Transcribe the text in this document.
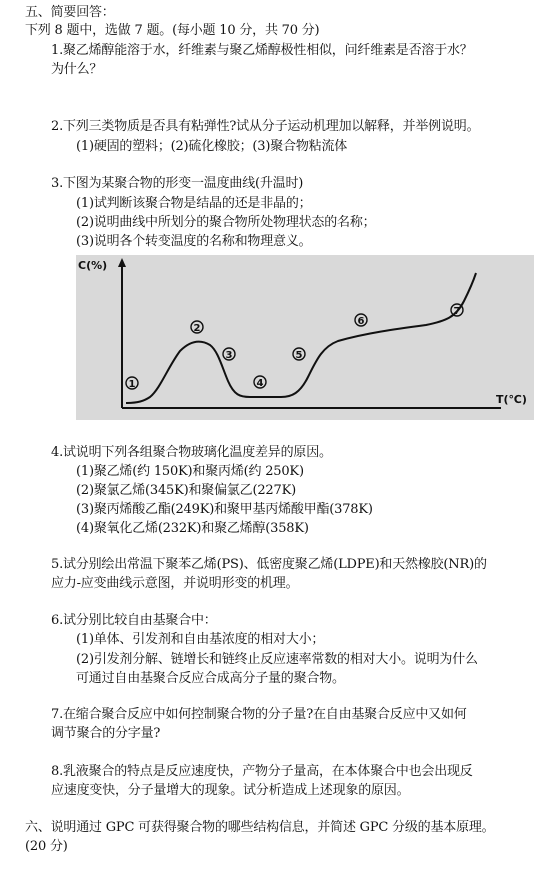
五、简要回答：
下列 8 题中，选做 7 题。(每小题 10 分，共 70 分)
1.聚乙烯醇能溶于水，纤维素与聚乙烯醇极性相似，问纤维素是否溶于水？
为什么？
2.下列三类物质是否具有粘弹性?试从分子运动机理加以解释，并举例说明。
(1)硬固的塑料；(2)硫化橡胶；(3)聚合物粘流体
3.下图为某聚合物的形变一温度曲线(升温时)
(1)试判断该聚合物是结晶的还是非晶的；
(2)说明曲线中所划分的聚合物所处物理状态的名称；
(3)说明各个转变温度的名称和物理意义。
C(%)
T(℃)
1
2
3
4
5
6
7
4.试说明下列各组聚合物玻璃化温度差异的原因。
(1)聚乙烯(约 150K)和聚丙烯(约 250K)
(2)聚氯乙烯(345K)和聚偏氯乙(227K)
(3)聚丙烯酸乙酯(249K)和聚甲基丙烯酸甲酯(378K)
(4)聚氧化乙烯(232K)和聚乙烯醇(358K)
5.试分别绘出常温下聚苯乙烯(PS)、低密度聚乙烯(LDPE)和天然橡胶(NR)的
应力-应变曲线示意图，并说明形变的机理。
6.试分别比较自由基聚合中：
(1)单体、引发剂和自由基浓度的相对大小；
(2)引发剂分解、链增长和链终止反应速率常数的相对大小。说明为什么
可通过自由基聚合反应合成高分子量的聚合物。
7.在缩合聚合反应中如何控制聚合物的分子量?在自由基聚合反应中又如何
调节聚合的分字量?
8.乳液聚合的特点是反应速度快，产物分子量高，在本体聚合中也会出现反
应速度变快，分子量增大的现象。试分析造成上述现象的原因。
六、说明通过 GPC 可获得聚合物的哪些结构信息，并简述 GPC 分级的基本原理。
(20 分)
